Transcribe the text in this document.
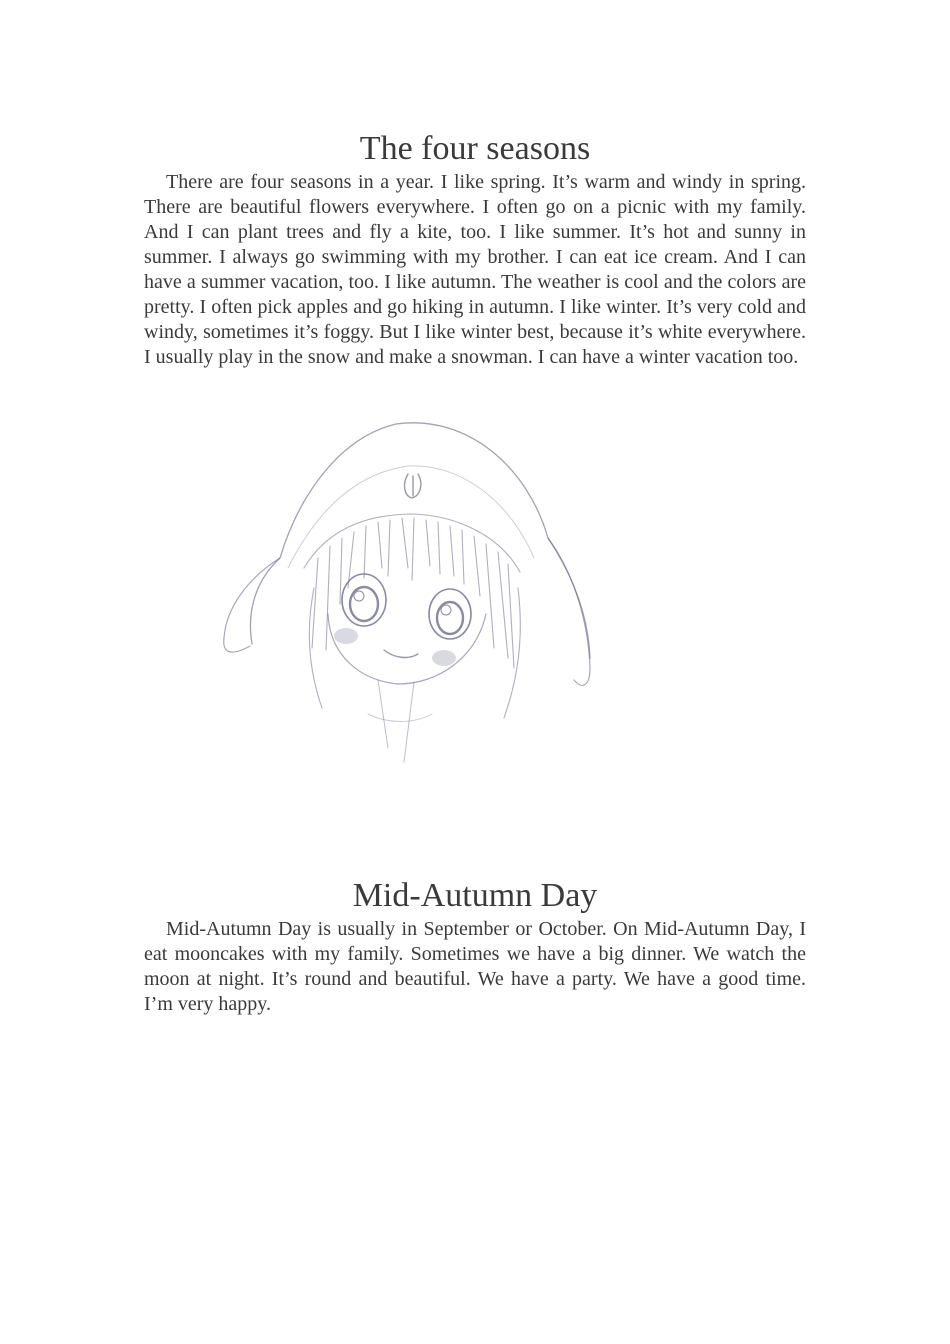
The four seasons

There are four seasons in a year. I like spring. It’s warm and windy in spring. There are beautiful flowers everywhere. I often go on a picnic with my family. And I can plant trees and fly a kite, too. I like summer. It’s hot and sunny in summer. I always go swimming with my brother. I can eat ice cream. And I can have a summer vacation, too. I like autumn. The weather is cool and the colors are pretty. I often pick apples and go hiking in autumn. I like winter. It’s very cold and windy, sometimes it’s foggy. But I like winter best, because it’s white everywhere. I usually play in the snow and make a snowman. I can have a winter vacation too.

Mid-Autumn Day

Mid-Autumn Day is usually in September or October. On Mid-Autumn Day, I eat mooncakes with my family. Sometimes we have a big dinner. We watch the moon at night. It’s round and beautiful. We have a party. We have a good time. I’m very happy.
